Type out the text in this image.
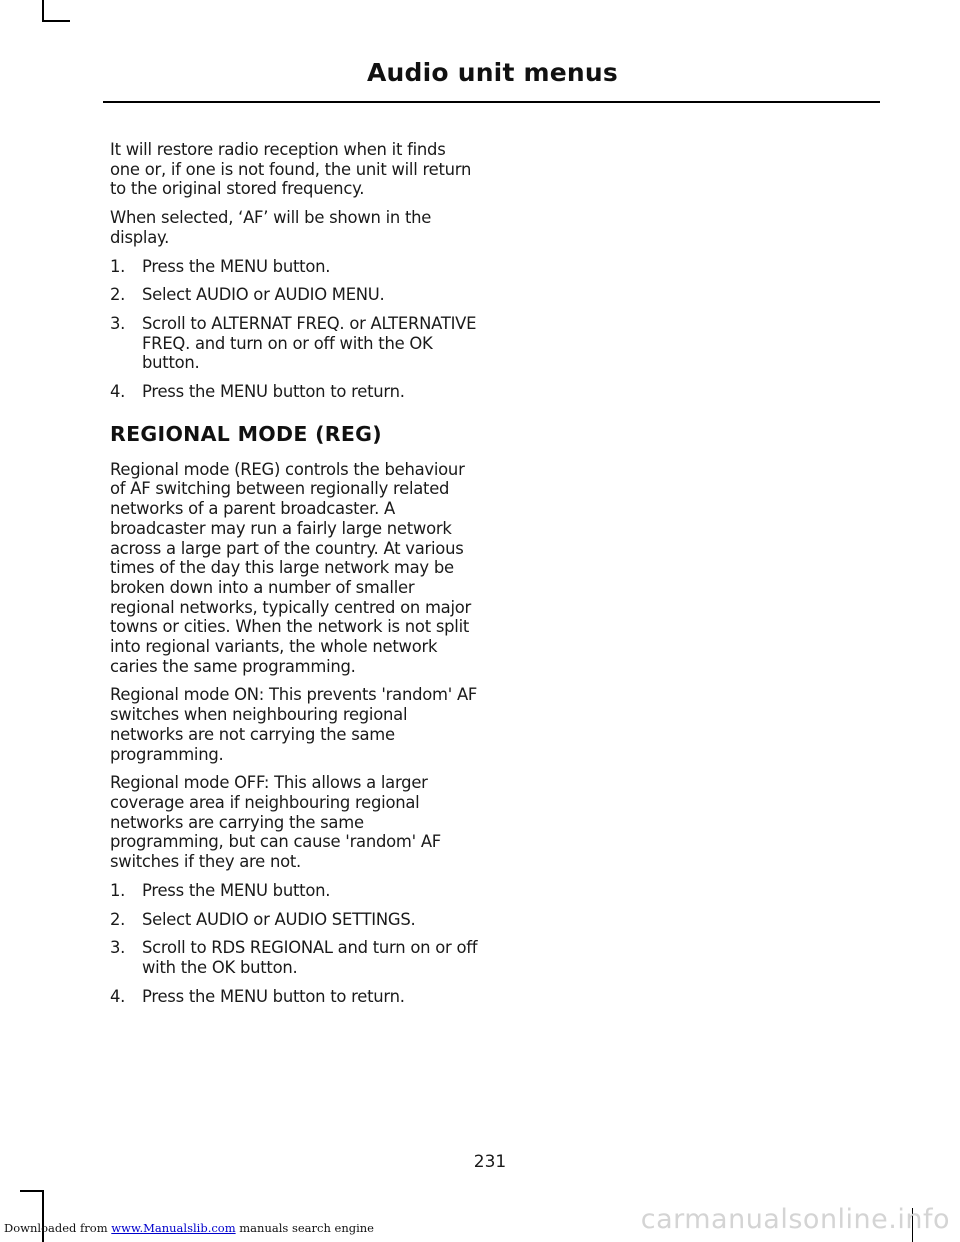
Audio unit menus

It will restore radio reception when it finds one or, if one is not found, the unit will return to the original stored frequency.

When selected, ‘AF’ will be shown in the display.

1. Press the MENU button.
2. Select AUDIO or AUDIO MENU.
3. Scroll to ALTERNAT FREQ. or ALTERNATIVE FREQ. and turn on or off with the OK button.
4. Press the MENU button to return.
REGIONAL MODE (REG)

Regional mode (REG) controls the behaviour of AF switching between regionally related networks of a parent broadcaster. A broadcaster may run a fairly large network across a large part of the country. At various times of the day this large network may be broken down into a number of smaller regional networks, typically centred on major towns or cities. When the network is not split into regional variants, the whole network caries the same programming.

Regional mode ON: This prevents 'random' AF switches when neighbouring regional networks are not carrying the same programming.

Regional mode OFF: This allows a larger coverage area if neighbouring regional networks are carrying the same programming, but can cause 'random' AF switches if they are not.

1. Press the MENU button.
2. Select AUDIO or AUDIO SETTINGS.
3. Scroll to RDS REGIONAL and turn on or off with the OK button.
4. Press the MENU button to return.
231
Downloaded from www.Manualslib.com manuals search engine	carmanualsonline.info
